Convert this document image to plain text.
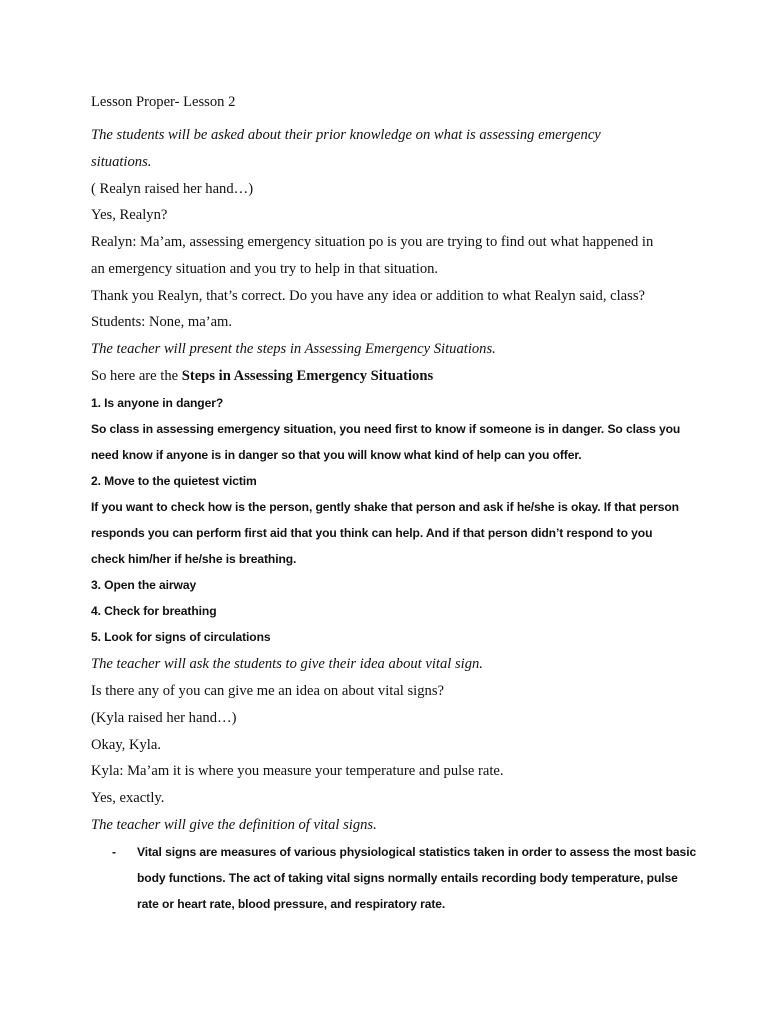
Lesson Proper- Lesson 2
The students will be asked about their prior knowledge on what is assessing emergency
situations.
( Realyn raised her hand…)
Yes, Realyn?
Realyn: Ma’am, assessing emergency situation po is you are trying to find out what happened in
an emergency situation and you try to help in that situation.
Thank you Realyn, that’s correct. Do you have any idea or addition to what Realyn said, class?
Students: None, ma’am.
The teacher will present the steps in Assessing Emergency Situations.
So here are the Steps in Assessing Emergency Situations
1. Is anyone in danger?
So class in assessing emergency situation, you need first to know if someone is in danger. So class you
need know if anyone is in danger so that you will know what kind of help can you offer.
2. Move to the quietest victim
If you want to check how is the person, gently shake that person and ask if he/she is okay. If that person
responds you can perform first aid that you think can help. And if that person didn’t respond to you
check him/her if he/she is breathing.
3. Open the airway
4. Check for breathing
5. Look for signs of circulations
The teacher will ask the students to give their idea about vital sign.
Is there any of you can give me an idea on about vital signs?
(Kyla raised her hand…)
Okay, Kyla.
Kyla: Ma’am it is where you measure your temperature and pulse rate.
Yes, exactly.
The teacher will give the definition of vital signs.
- Vital signs are measures of various physiological statistics taken in order to assess the most basic
body functions. The act of taking vital signs normally entails recording body temperature, pulse
rate or heart rate, blood pressure, and respiratory rate.
